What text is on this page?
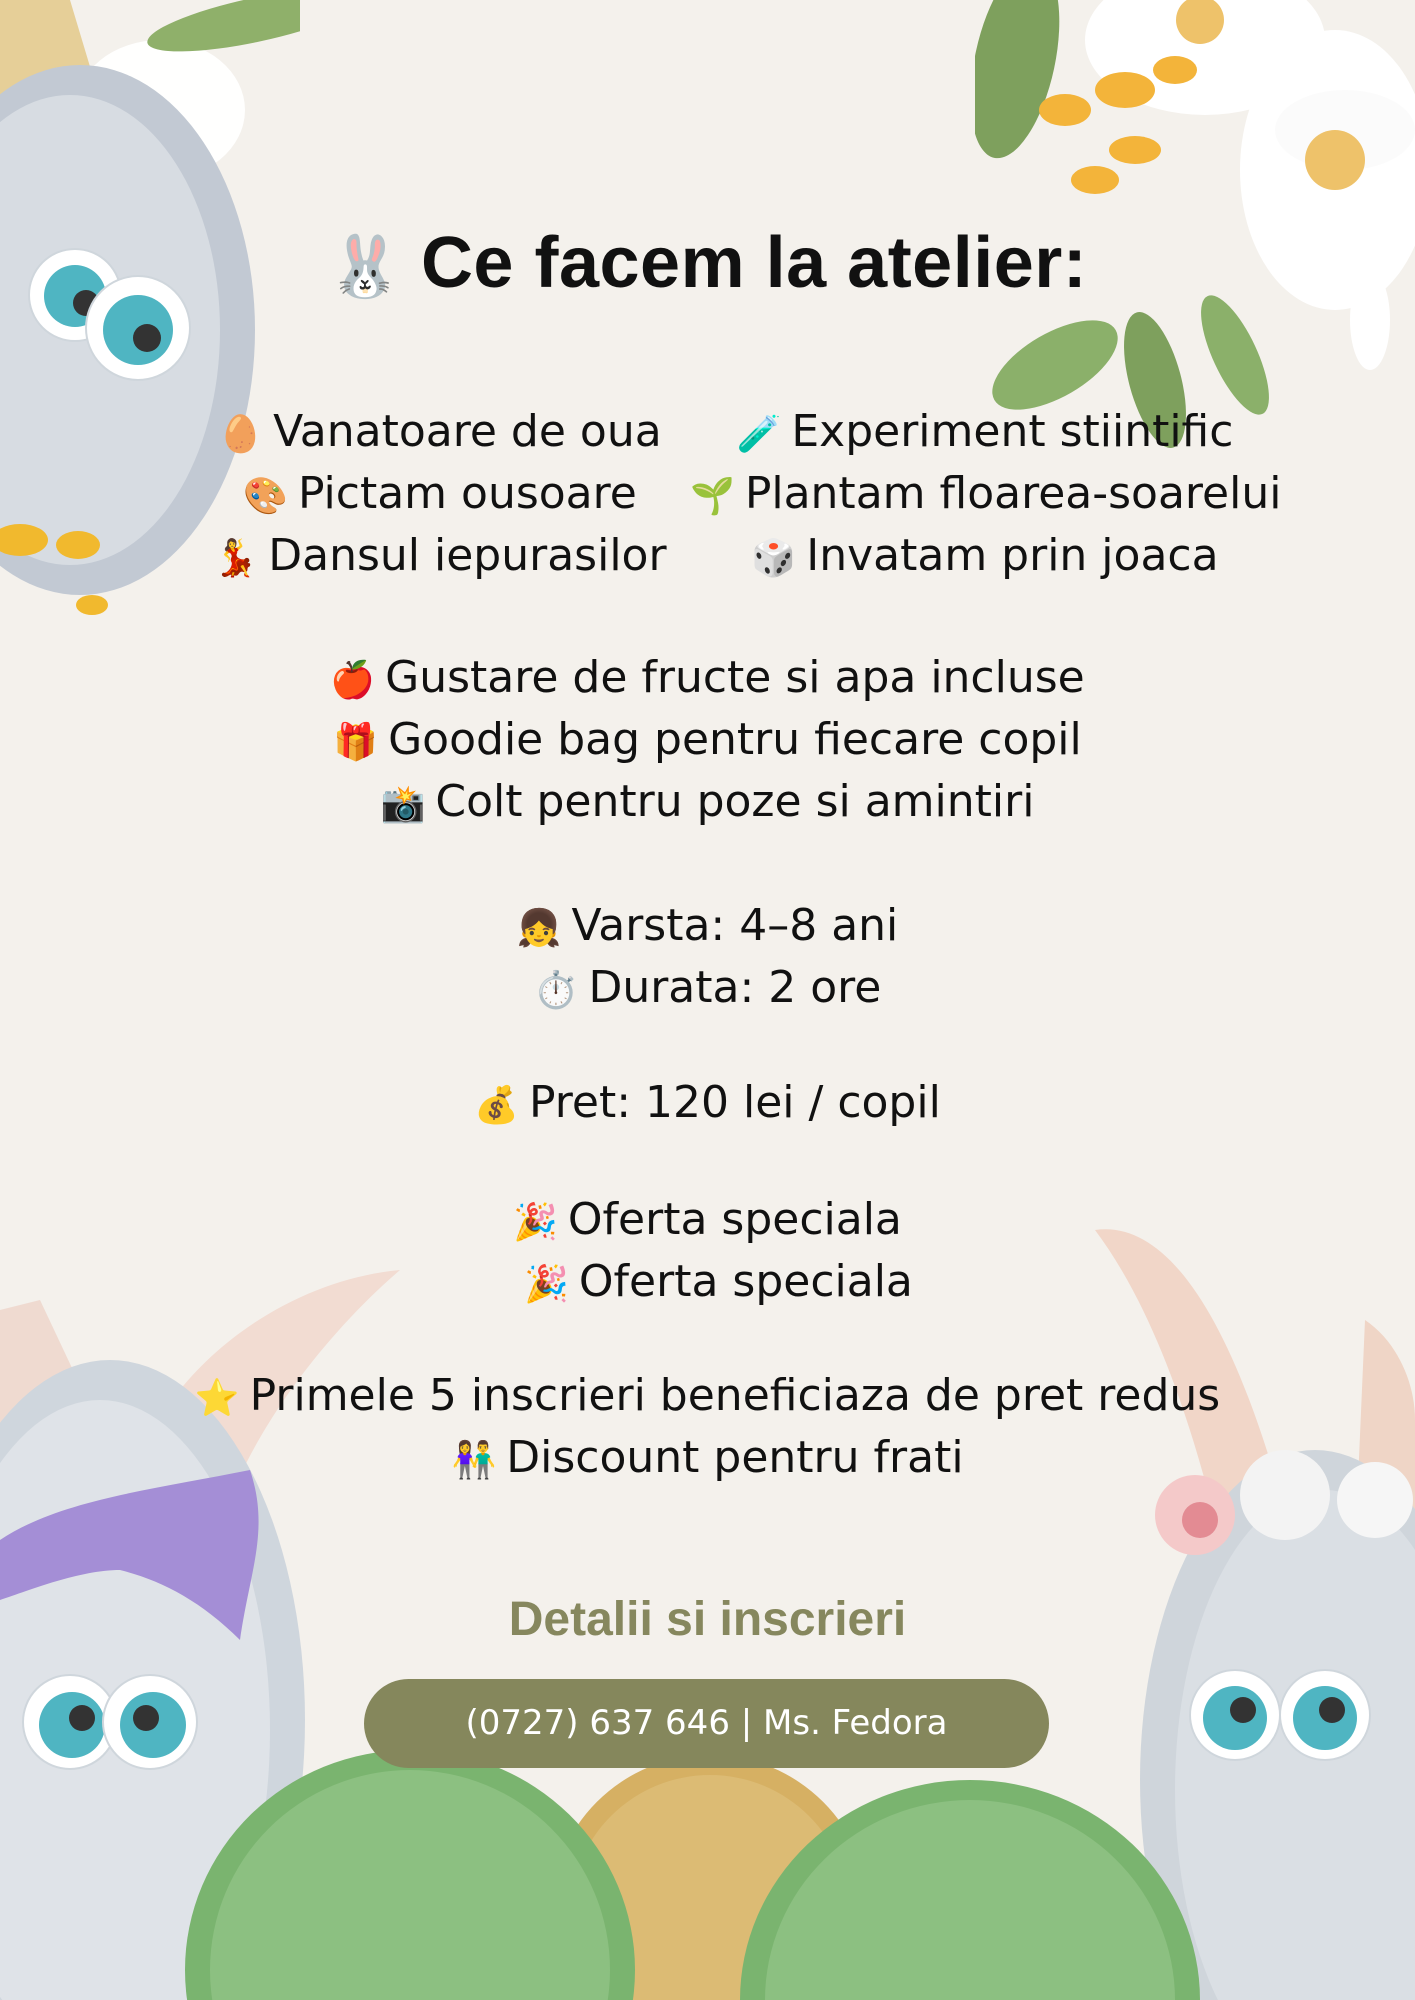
🐰 Ce facem la atelier:
🥚 Vanatoare de oua
🎨 Pictam ousoare
💃 Dansul iepurasilor
🧪 Experiment stiintific
🌱 Plantam floarea-soarelui
🎲 Invatam prin joaca
🍎 Gustare de fructe si apa incluse
🎁 Goodie bag pentru fiecare copil
📸 Colt pentru poze si amintiri
👧 Varsta: 4–8 ani
⏱️ Durata: 2 ore
💰 Pret: 120 lei / copil
🎉 Oferta speciala
🎉 Oferta speciala
⭐ Primele 5 inscrieri beneficiaza de pret redus
👫 Discount pentru frati
Detalii si inscrieri
(0727) 637 646 | Ms. Fedora
